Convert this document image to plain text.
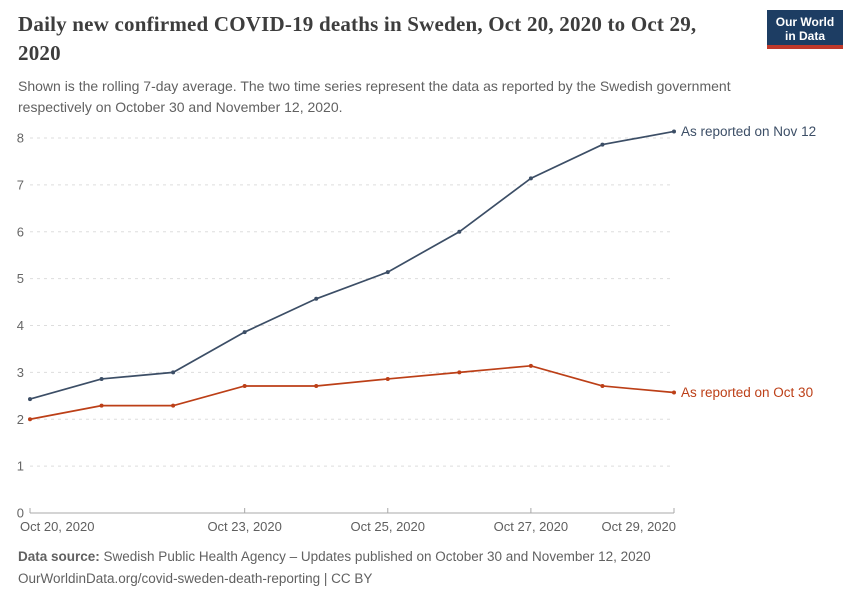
Daily new confirmed COVID-19 deaths in Sweden, Oct 20, 2020 to Oct 29, 2020
Our World
in Data

Shown is the rolling 7-day average. The two time series represent the data as reported by the Swedish government respectively on October 30 and November 12, 2020.

0
1
2
3
4
5
6
7
8
Oct 20, 2020	Oct 23, 2020	Oct 25, 2020	Oct 27, 2020	Oct 29, 2020
As reported on Nov 12
As reported on Oct 30

Data source: Swedish Public Health Agency – Updates published on October 30 and November 12, 2020

OurWorldinData.org/covid-sweden-death-reporting | CC BY
